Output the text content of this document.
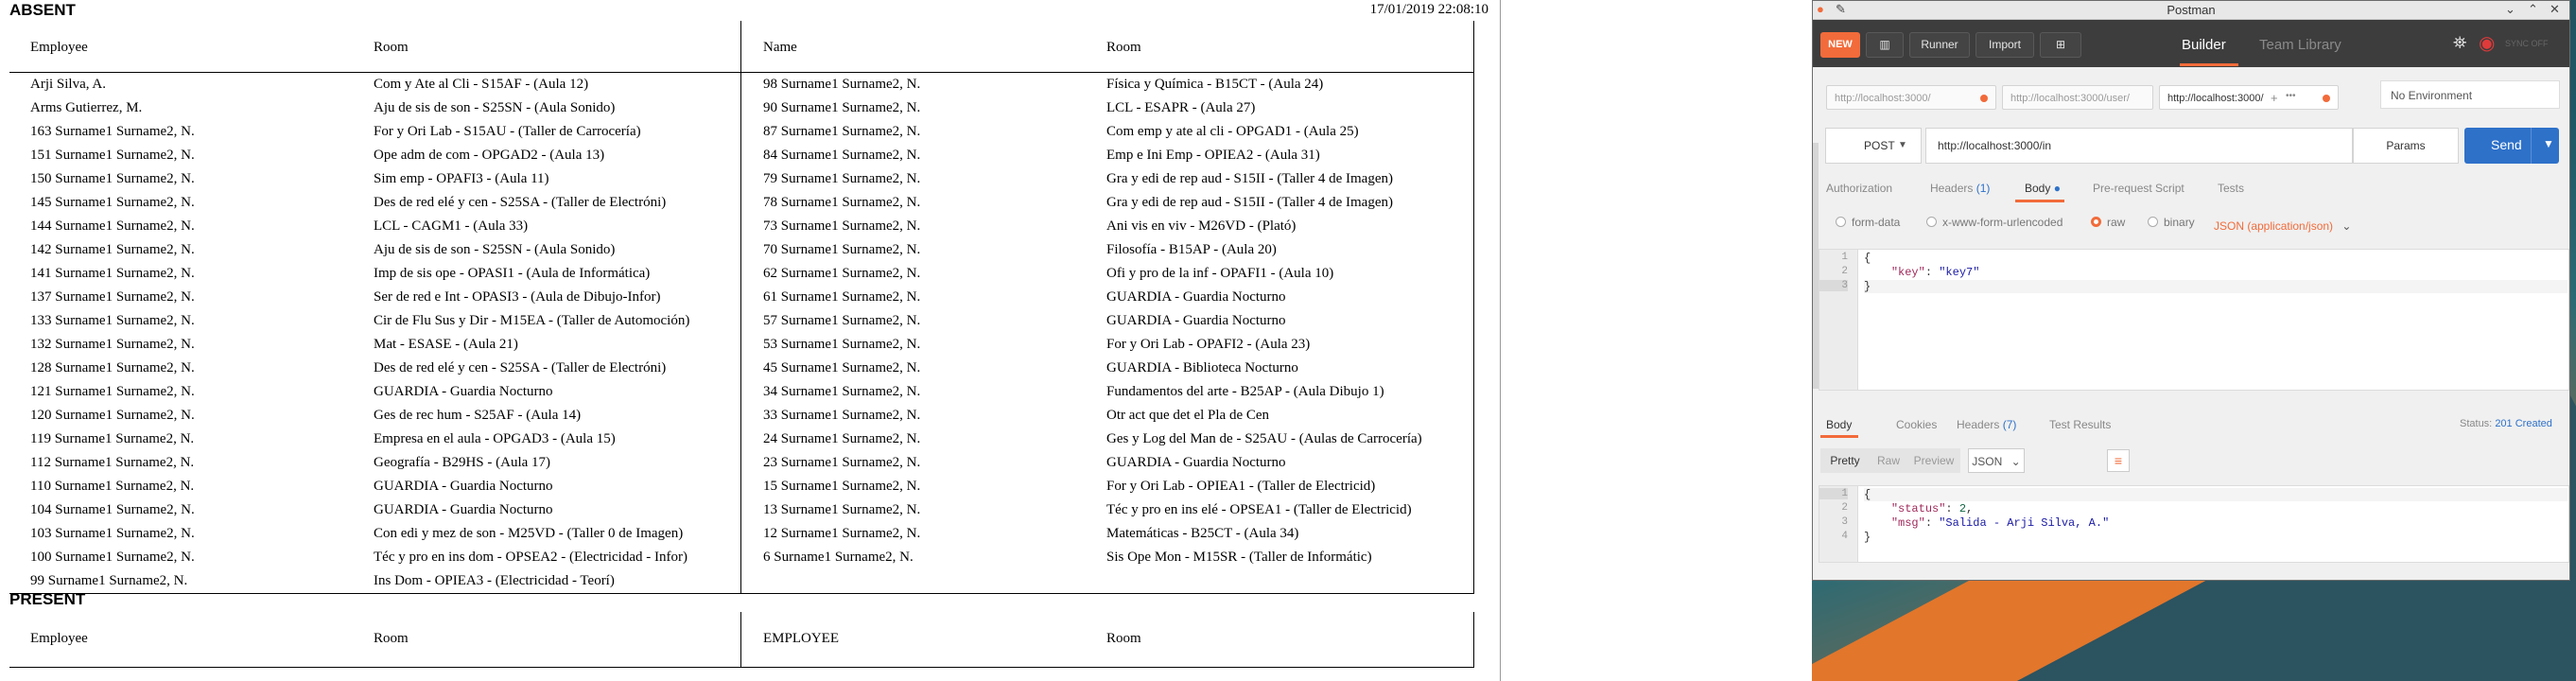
ABSENT	17/01/2019 22:08:10
Employee	Room	Name	Room
Arji Silva, A.	Com y Ate al Cli - S15AF - (Aula 12)	98 Surname1 Surname2, N.	Física y Química - B15CT - (Aula 24)
Arms Gutierrez, M.	Aju de sis de son - S25SN - (Aula Sonido)	90 Surname1 Surname2, N.	LCL - ESAPR - (Aula 27)
163 Surname1 Surname2, N.	For y Ori Lab - S15AU - (Taller de Carrocería)	87 Surname1 Surname2, N.	Com emp y ate al cli - OPGAD1 - (Aula 25)
151 Surname1 Surname2, N.	Ope adm de com - OPGAD2 - (Aula 13)	84 Surname1 Surname2, N.	Emp e Ini Emp - OPIEA2 - (Aula 31)
150 Surname1 Surname2, N.	Sim emp - OPAFI3 - (Aula 11)	79 Surname1 Surname2, N.	Gra y edi de rep aud - S15II - (Taller 4 de Imagen)
145 Surname1 Surname2, N.	Des de red elé y cen - S25SA - (Taller de Electróni)	78 Surname1 Surname2, N.	Gra y edi de rep aud - S15II - (Taller 4 de Imagen)
144 Surname1 Surname2, N.	LCL - CAGM1 - (Aula 33)	73 Surname1 Surname2, N.	Ani vis en viv - M26VD - (Plató)
142 Surname1 Surname2, N.	Aju de sis de son - S25SN - (Aula Sonido)	70 Surname1 Surname2, N.	Filosofía - B15AP - (Aula 20)
141 Surname1 Surname2, N.	Imp de sis ope - OPASI1 - (Aula de Informática)	62 Surname1 Surname2, N.	Ofi y pro de la inf - OPAFI1 - (Aula 10)
137 Surname1 Surname2, N.	Ser de red e Int - OPASI3 - (Aula de Dibujo-Infor)	61 Surname1 Surname2, N.	GUARDIA - Guardia Nocturno
133 Surname1 Surname2, N.	Cir de Flu Sus y Dir - M15EA - (Taller de Automoción)	57 Surname1 Surname2, N.	GUARDIA - Guardia Nocturno
132 Surname1 Surname2, N.	Mat - ESASE - (Aula 21)	53 Surname1 Surname2, N.	For y Ori Lab - OPAFI2 - (Aula 23)
128 Surname1 Surname2, N.	Des de red elé y cen - S25SA - (Taller de Electróni)	45 Surname1 Surname2, N.	GUARDIA - Biblioteca Nocturno
121 Surname1 Surname2, N.	GUARDIA - Guardia Nocturno	34 Surname1 Surname2, N.	Fundamentos del arte - B25AP - (Aula Dibujo 1)
120 Surname1 Surname2, N.	Ges de rec hum - S25AF - (Aula 14)	33 Surname1 Surname2, N.	Otr act que det el Pla de Cen
119 Surname1 Surname2, N.	Empresa en el aula - OPGAD3 - (Aula 15)	24 Surname1 Surname2, N.	Ges y Log del Man de - S25AU - (Aulas de Carrocería)
112 Surname1 Surname2, N.	Geografía - B29HS - (Aula 17)	23 Surname1 Surname2, N.	GUARDIA - Guardia Nocturno
110 Surname1 Surname2, N.	GUARDIA - Guardia Nocturno	15 Surname1 Surname2, N.	For y Ori Lab - OPIEA1 - (Taller de Electricid)
104 Surname1 Surname2, N.	GUARDIA - Guardia Nocturno	13 Surname1 Surname2, N.	Téc y pro en ins elé - OPSEA1 - (Taller de Electricid)
103 Surname1 Surname2, N.	Con edi y mez de son - M25VD - (Taller 0 de Imagen)	12 Surname1 Surname2, N.	Matemáticas - B25CT - (Aula 34)
100 Surname1 Surname2, N.	Téc y pro en ins dom - OPSEA2 - (Electricidad - Infor)	6 Surname1 Surname2, N.	Sis Ope Mon - M15SR - (Taller de Informátic)
99 Surname1 Surname2, N.	Ins Dom - OPIEA3 - (Electricidad - Teorí)
PRESENT
Employee	Room	EMPLOYEE	Room
● ✎	Postman	⌄ ⌃ ✕
NEW	▥	Runner	Import	⊞	Builder Team Library	⛯ ◉ SYNC OFF
http://localhost:3000/	http://localhost:3000/user/	http://localhost:3000/ + •••	No Environment
POST ▼	http://localhost:3000/in	Params	Send ▼
Authorization	Headers (1)	Body ●	Pre-request Script	Tests
form-data	x-www-form-urlencoded	raw	binary JSON (application/json) ⌄
1
2
3
{
"key": "key7"
}
Body	Cookies Headers (7)	Test Results	Status: 201 Created
Pretty	Raw	Preview	JSON ⌄	≡
1
2
3
4
{
"status": 2,
"msg": "Salida - Arji Silva, A."
}
